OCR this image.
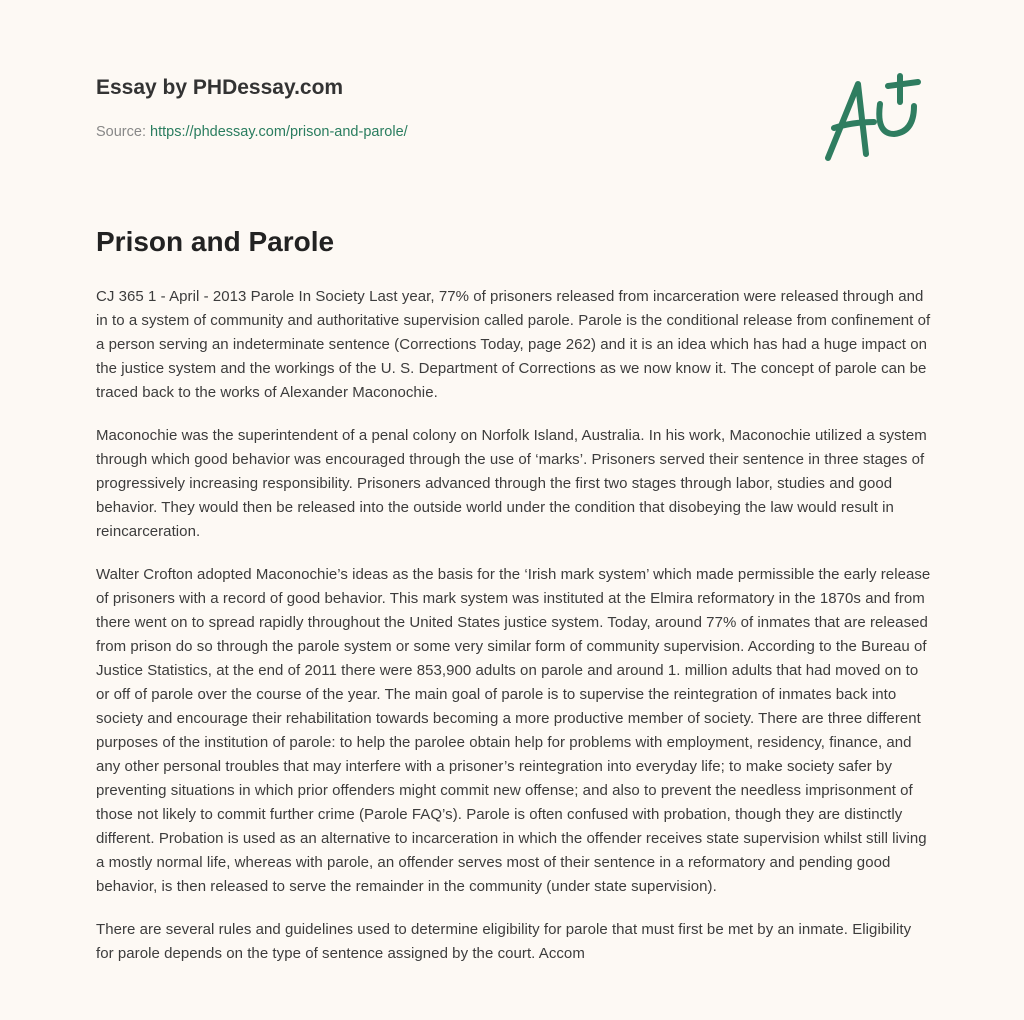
Essay by PHDessay.com
Source: https://phdessay.com/prison-and-parole/
Prison and Parole

CJ 365 1 - April - 2013 Parole In Society Last year, 77% of prisoners released from incarceration were released through and in to a system of community and authoritative supervision called parole. Parole is the conditional release from confinement of a person serving an indeterminate sentence (Corrections Today, page 262) and it is an idea which has had a huge impact on the justice system and the workings of the U. S. Department of Corrections as we now know it. The concept of parole can be traced back to the works of Alexander Maconochie.

Maconochie was the superintendent of a penal colony on Norfolk Island, Australia. In his work, Maconochie utilized a system through which good behavior was encouraged through the use of ‘marks’. Prisoners served their sentence in three stages of progressively increasing responsibility. Prisoners advanced through the first two stages through labor, studies and good behavior. They would then be released into the outside world under the condition that disobeying the law would result in reincarceration.

Walter Crofton adopted Maconochie’s ideas as the basis for the ‘Irish mark system’ which made permissible the early release of prisoners with a record of good behavior. This mark system was instituted at the Elmira reformatory in the 1870s and from there went on to spread rapidly throughout the United States justice system. Today, around 77% of inmates that are released from prison do so through the parole system or some very similar form of community supervision. According to the Bureau of Justice Statistics, at the end of 2011 there were 853,900 adults on parole and around 1. million adults that had moved on to or off of parole over the course of the year. The main goal of parole is to supervise the reintegration of inmates back into society and encourage their rehabilitation towards becoming a more productive member of society. There are three different purposes of the institution of parole: to help the parolee obtain help for problems with employment, residency, finance, and any other personal troubles that may interfere with a prisoner’s reintegration into everyday life; to make society safer by preventing situations in which prior offenders might commit new offense; and also to prevent the needless imprisonment of those not likely to commit further crime (Parole FAQ’s). Parole is often confused with probation, though they are distinctly different. Probation is used as an alternative to incarceration in which the offender receives state supervision whilst still living a mostly normal life, whereas with parole, an offender serves most of their sentence in a reformatory and pending good behavior, is then released to serve the remainder in the community (under state supervision).

There are several rules and guidelines used to determine eligibility for parole that must first be met by an inmate. Eligibility for parole depends on the type of sentence assigned by the court. Accom
